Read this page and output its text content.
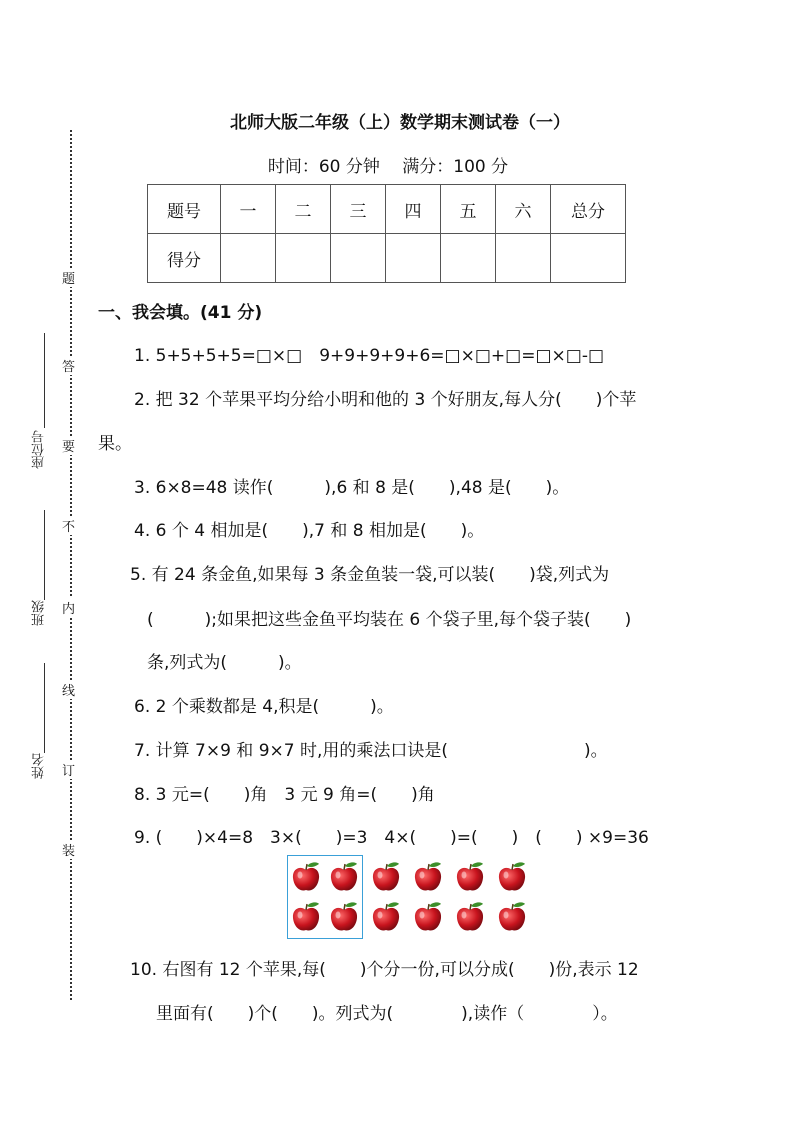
北师大版二年级（上）数学期末测试卷（一）
时间：60 分钟　 满分：100 分
题号	一	二	三	四	五	六	总分
得分							
题
答
要
不
内
线
订
装
座位号
班级
姓名
一、我会填。(41 分)
1. 5+5+5+5=□×□　9+9+9+9+6=□×□+□=□×□-□
2. 把 32 个苹果平均分给小明和他的 3 个好朋友,每人分(　　)个苹
果。
3. 6×8=48 读作(　　　),6 和 8 是(　　),48 是(　　)。
4. 6 个 4 相加是(　　),7 和 8 相加是(　　)。
5. 有 24 条金鱼,如果每 3 条金鱼装一袋,可以装(　　)袋,列式为
(　　　);如果把这些金鱼平均装在 6 个袋子里,每个袋子装(　　)
条,列式为(　　　)。
6. 2 个乘数都是 4,积是(　　　)。
7. 计算 7×9 和 9×7 时,用的乘法口诀是(　　　　　　　　)。
8. 3 元=(　　)角　3 元 9 角=(　　)角
9. (　　)×4=8　3×(　　)=3　4×(　　)=(　　)　(　　) ×9=36
10. 右图有 12 个苹果,每(　　)个分一份,可以分成(　　)份,表示 12
里面有(　　)个(　　)。列式为(　　　　),读作（　　　　）。
